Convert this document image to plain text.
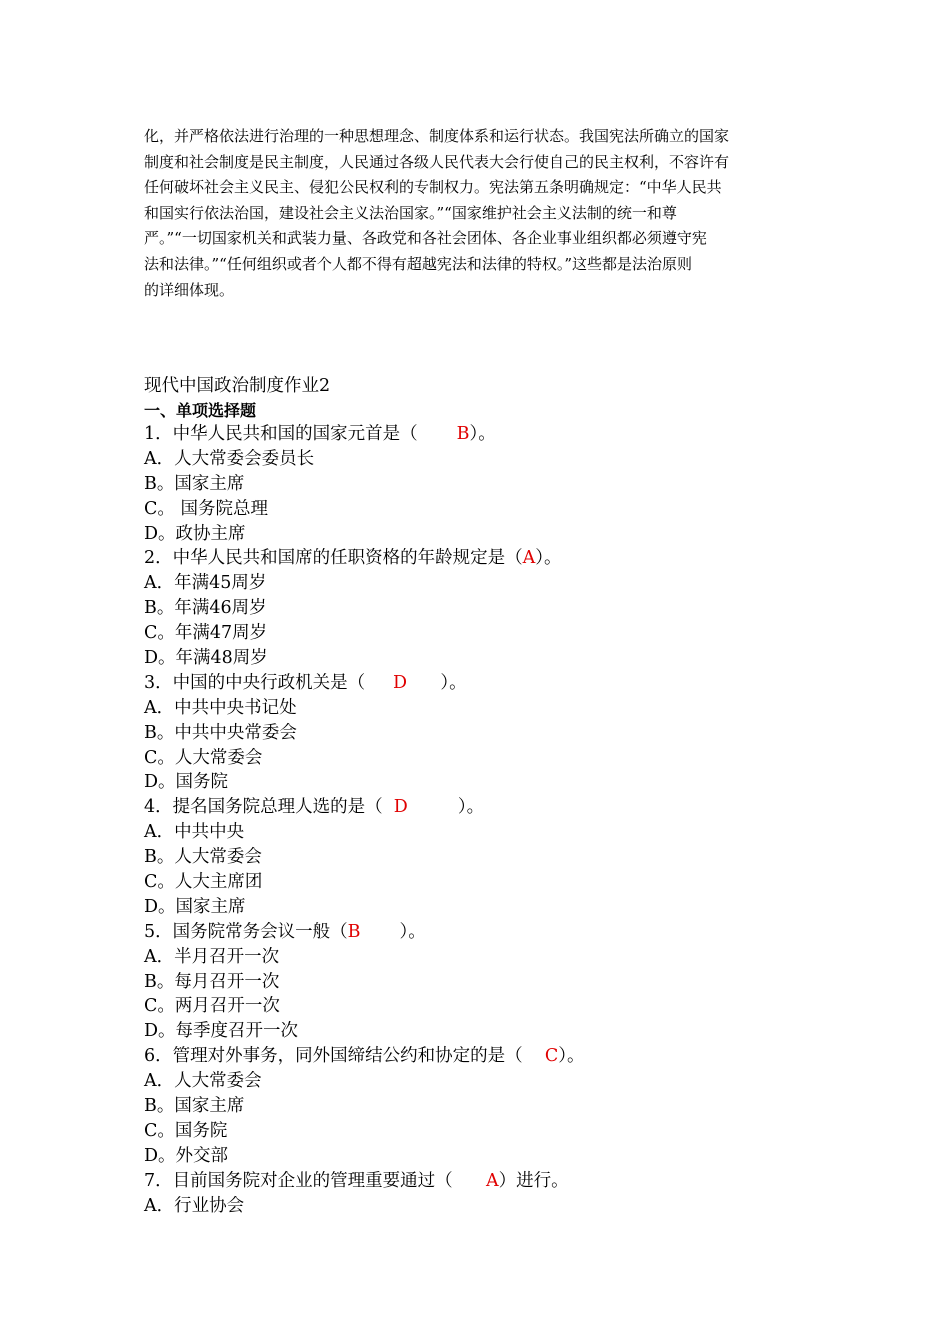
化，并严格依法进行治理的一种思想理念、制度体系和运行状态。我国宪法所确立的国家

制度和社会制度是民主制度，人民通过各级人民代表大会行使自己的民主权利，不容许有

任何破坏社会主义民主、侵犯公民权利的专制权力。宪法第五条明确规定：“中华人民共

和国实行依法治国，建设社会主义法治国家。”“国家维护社会主义法制的统一和尊

严。”“一切国家机关和武装力量、各政党和各社会团体、各企业事业组织都必须遵守宪

法和法律。”“任何组织或者个人都不得有超越宪法和法律的特权。”这些都是法治原则

的详细体现。

现代中国政治制度作业2

一、单项选择题

1．中华人民共和国的国家元首是（       B）。

A．人大常委会委员长

B。国家主席

C。 国务院总理

D。政协主席

2．中华人民共和国席的任职资格的年龄规定是（A）。

A．年满45周岁

B。年满46周岁

C。年满47周岁

D。年满48周岁

3．中国的中央行政机关是（     D      ）。

A．中共中央书记处

B。中共中央常委会

C。人大常委会

D。国务院

4．提名国务院总理人选的是（  D         ）。

A．中共中央

B。人大常委会

C。人大主席团

D。国家主席

5．国务院常务会议一般（B       ）。

A．半月召开一次

B。每月召开一次

C。两月召开一次

D。每季度召开一次

6．管理对外事务，同外国缔结公约和协定的是（    C）。

A．人大常委会

B。国家主席

C。国务院

D。外交部

7．目前国务院对企业的管理重要通过（      A）进行。

A．行业协会
